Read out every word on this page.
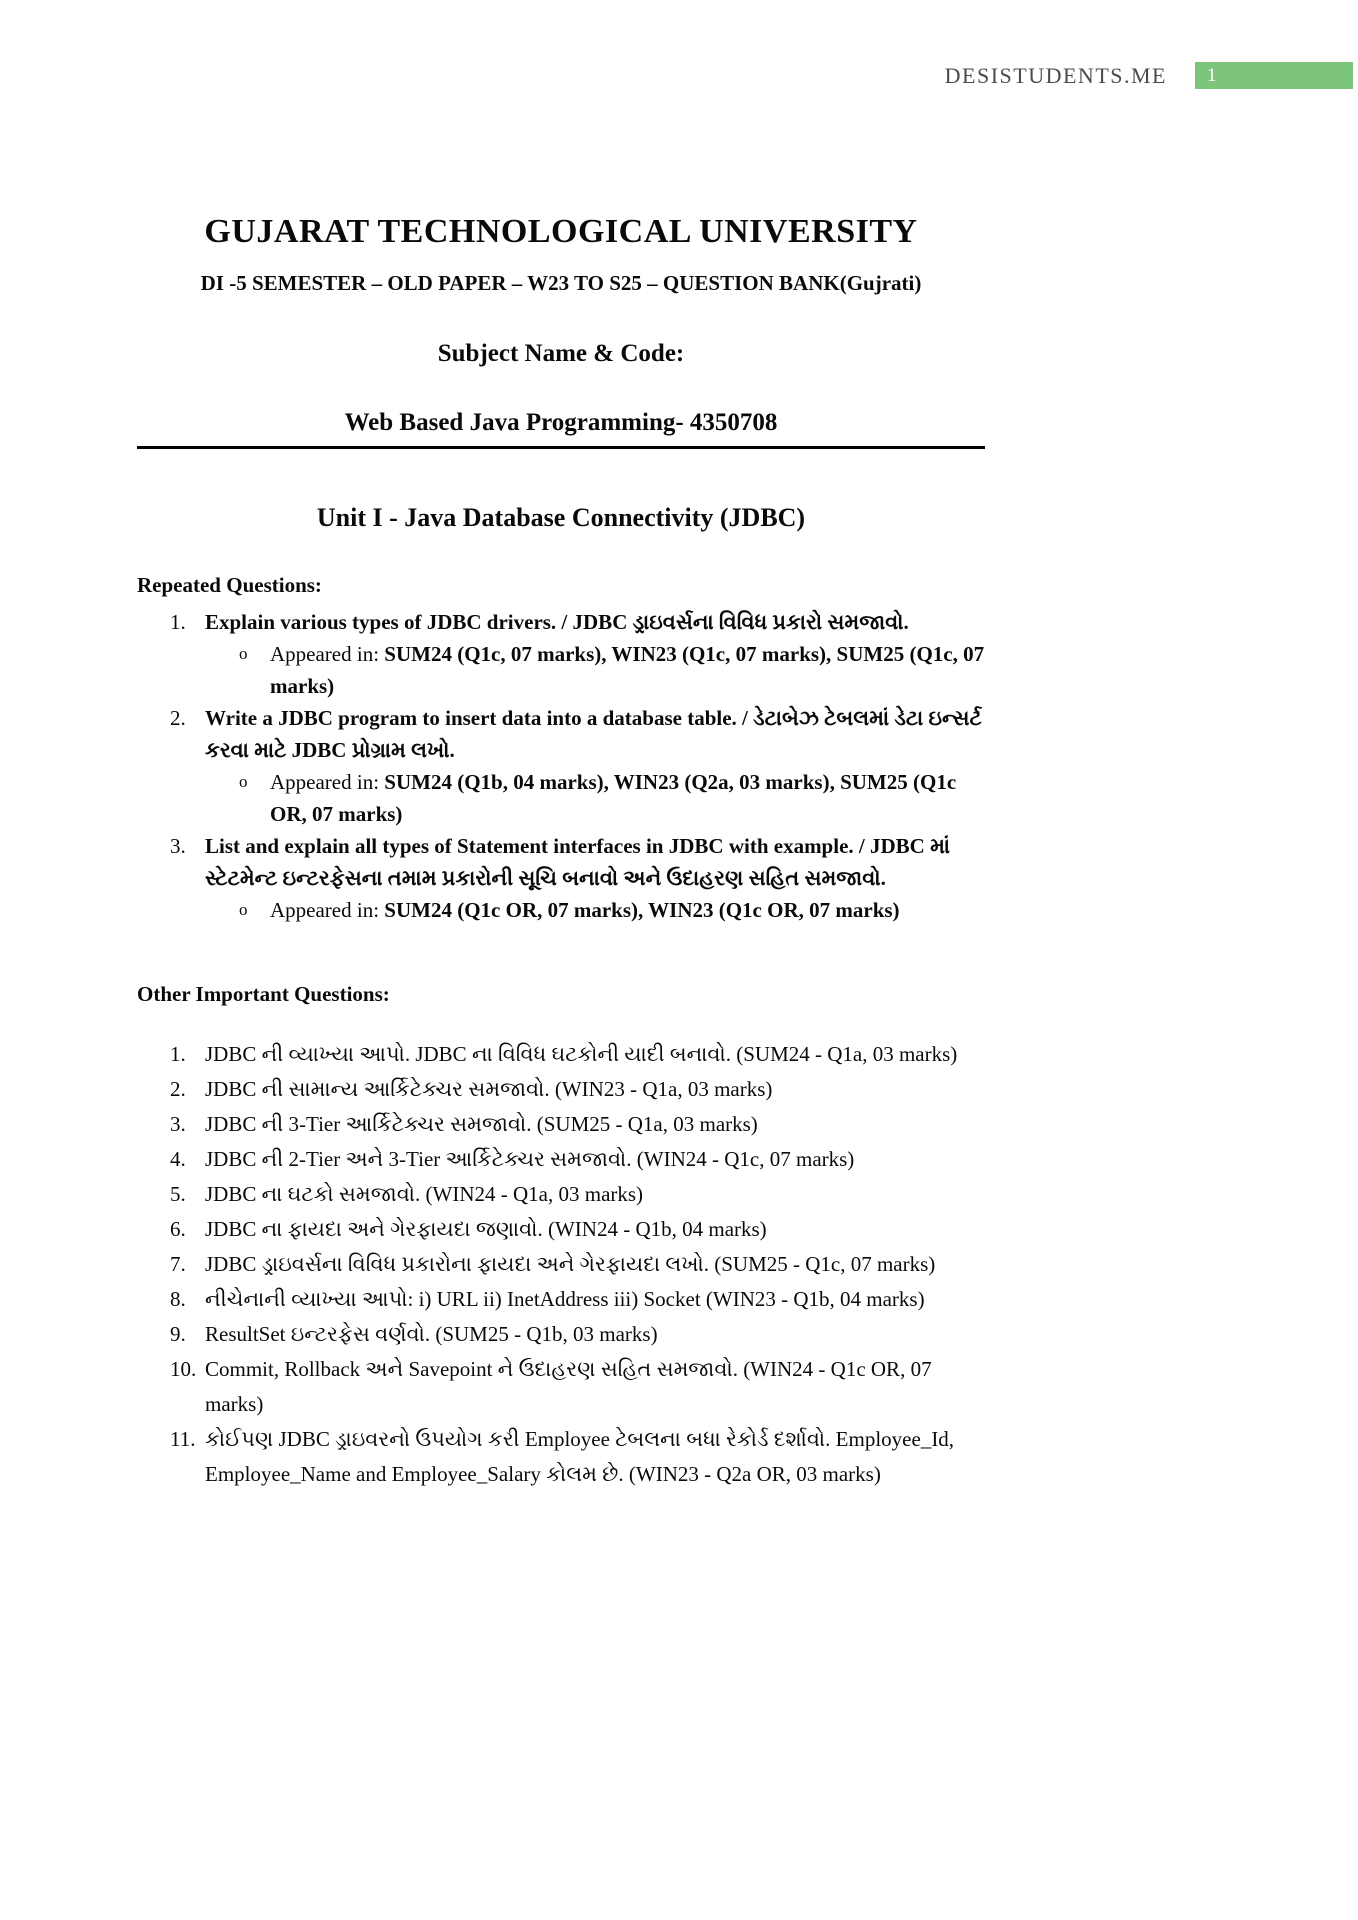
DESISTUDENTS.ME	1
GUJARAT TECHNOLOGICAL UNIVERSITY
DI -5 SEMESTER – OLD PAPER – W23 TO S25 – QUESTION BANK(Gujrati)
Subject Name & Code:
Web Based Java Programming- 4350708
Unit I - Java Database Connectivity (JDBC)
Repeated Questions:
1. Explain various types of JDBC drivers. / JDBC ડ્રાઇવર્સના વિવિધ પ્રકારો સમજાવો.
o	Appeared in: SUM24 (Q1c, 07 marks), WIN23 (Q1c, 07 marks), SUM25 (Q1c, 07 marks)
2. Write a JDBC program to insert data into a database table. / ડેટાબેઝ ટેબલમાં ડેટા ઇન્સર્ટ કરવા માટે JDBC પ્રોગ્રામ લખો.
o	Appeared in: SUM24 (Q1b, 04 marks), WIN23 (Q2a, 03 marks), SUM25 (Q1c OR, 07 marks)
3. List and explain all types of Statement interfaces in JDBC with example. / JDBC માં સ્ટેટમેન્ટ ઇન્ટરફેસના તમામ પ્રકારોની સૂચિ બનાવો અને ઉદાહરણ સહિત સમજાવો.
o	Appeared in: SUM24 (Q1c OR, 07 marks), WIN23 (Q1c OR, 07 marks)
Other Important Questions:
1. JDBC ની વ્યાખ્યા આપો. JDBC ના વિવિધ ઘટકોની યાદી બનાવો. (SUM24 - Q1a, 03 marks)
2. JDBC ની સામાન્ય આર્કિટેક્ચર સમજાવો. (WIN23 - Q1a, 03 marks)
3. JDBC ની 3-Tier આર્કિટેક્ચર સમજાવો. (SUM25 - Q1a, 03 marks)
4. JDBC ની 2-Tier અને 3-Tier આર્કિટેક્ચર સમજાવો. (WIN24 - Q1c, 07 marks)
5. JDBC ના ઘટકો સમજાવો. (WIN24 - Q1a, 03 marks)
6. JDBC ના ફાયદા અને ગેરફાયદા જણાવો. (WIN24 - Q1b, 04 marks)
7. JDBC ડ્રાઇવર્સના વિવિધ પ્રકારોના ફાયદા અને ગેરફાયદા લખો. (SUM25 - Q1c, 07 marks)
8. નીચેનાની વ્યાખ્યા આપો: i) URL ii) InetAddress iii) Socket (WIN23 - Q1b, 04 marks)
9. ResultSet ઇન્ટરફેસ વર્ણવો. (SUM25 - Q1b, 03 marks)
10. Commit, Rollback અને Savepoint ને ઉદાહરણ સહિત સમજાવો. (WIN24 - Q1c OR, 07 marks)
11. કોઈપણ JDBC ડ્રાઇવરનો ઉપયોગ કરી Employee ટેબલના બધા રેકોર્ડ દર્શાવો. Employee_Id, Employee_Name and Employee_Salary કોલમ છે. (WIN23 - Q2a OR, 03 marks)
